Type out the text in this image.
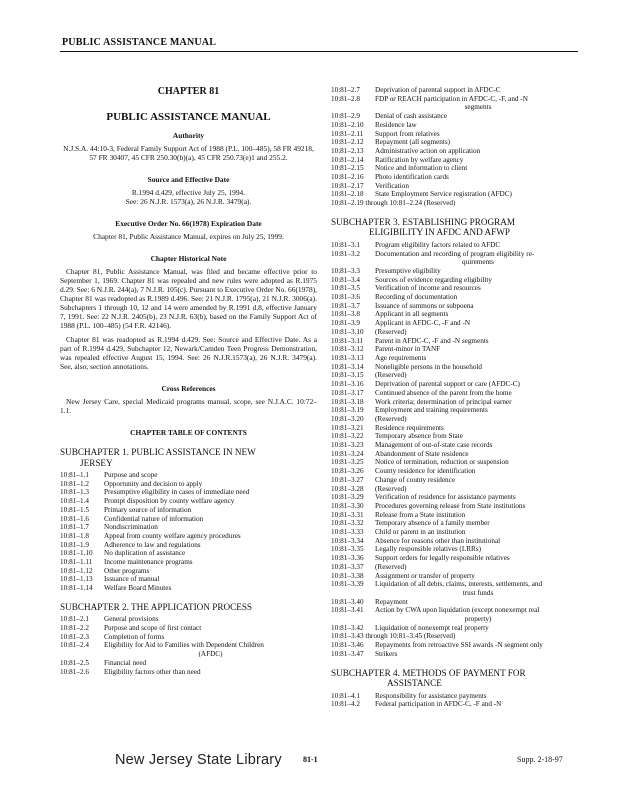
PUBLIC ASSISTANCE MANUAL
CHAPTER 81
PUBLIC ASSISTANCE MANUAL
Authority

N.J.S.A. 44:10-3, Federal Family Support Act of 1988 (P.L. 100–485), 58 FR 49218, 57 FR 30407, 45 CFR 250.30(b)(a), 45 CFR 250.73(e)1 and 255.2.

Source and Effective Date

R.1994 d.429, effective July 25, 1994.

See: 26 N.J.R. 1573(a), 26 N.J.R. 3479(a).

Executive Order No. 66(1978) Expiration Date

Chapter 81, Public Assistance Manual, expires on July 25, 1999.

Chapter Historical Note

Chapter 81, Public Assistance Manual, was filed and became effective prior to September 1, 1969. Chapter 81 was repealed and new rules were adopted as R.1975 d.29. See: 6 N.J.R. 244(a), 7 N.J.R. 105(c). Pursuant to Executive Order No. 66(1978), Chapter 81 was readopted as R.1989 d.496. See: 21 N.J.R. 1795(a), 21 N.J.R. 3006(a). Subchapters 1 through 10, 12 and 14 were amended by R.1991 d.8, effective January 7, 1991. See: 22 N.J.R. 2405(b), 23 N.J.R. 63(b), based on the Family Support Act of 1988 (P.L. 100–485) (54 F.R. 42146).

Chapter 81 was readopted as R.1994 d.429. See: Source and Effective Date. As a part of R.1994 d.429, Subchapter 12, Newark/Camden Teen Progress Demonstration, was repealed effective August 15, 1994. See: 26 N.J.R.1573(a), 26 N.J.R. 3479(a). See, also, section annotations.

Cross References

New Jersey Care, special Medicaid programs manual, scope, see N.J.A.C. 10:72–1.1.

CHAPTER TABLE OF CONTENTS
SUBCHAPTER 1. PUBLIC ASSISTANCE IN NEW
JERSEY
10:81–1.1	Purpose and scope
10:81–1.2	Opportunity and decision to apply
10:81–1.3	Presumptive eligibility in cases of immediate need
10:81–1.4	Prompt disposition by county welfare agency
10:81–1.5	Primary source of information
10:81–1.6	Confidential nature of information
10:81–1.7	Nondiscrimination
10:81–1.8	Appeal from county welfare agency procedures
10:81–1.9	Adherence to law and regulations
10:81–1.10	No duplication of assistance
10:81–1.11	Income maintenance programs
10:81–1.12	Other programs
10:81–1.13	Issuance of manual
10:81–1.14	Welfare Board Minutes
SUBCHAPTER 2. THE APPLICATION PROCESS
10:81–2.1	General provisions
10:81–2.2	Purpose and scope of first contact
10:81–2.3	Completion of forms
10:81–2.4	Eligibility for Aid to Families with Dependent Children
(AFDC)
10:81–2.5	Financial need
10:81–2.6	Eligibility factors other than need
10:81–2.7	Deprivation of parental support in AFDC-C
10:81–2.8	FDP or REACH participation in AFDC-C, -F, and -N
segments
10:81–2.9	Denial of cash assistance
10:81–2.10	Residence law
10:81–2.11	Support from relatives
10:81–2.12	Repayment (all segments)
10:81–2.13	Administrative action on application
10:81–2.14	Ratification by welfare agency
10:81–2.15	Notice and information to client
10:81–2.16	Photo identification cards
10:81–2.17	Verification
10:81–2.18	State Employment Service registration (AFDC)
10:81–2.19 through 10:81–2.24 (Reserved)
SUBCHAPTER 3. ESTABLISHING PROGRAM
ELIGIBILITY IN AFDC AND AFWP
10:81–3.1	Program eligibility factors related to AFDC
10:81–3.2	Documentation and recording of program eligibility re-
quirements
10:81–3.3	Presumptive eligibility
10:81–3.4	Sources of evidence regarding eligibility
10:81–3.5	Verification of income and resources
10:81–3.6	Recording of documentation
10:81–3.7	Issuance of summons or subpoena
10:81–3.8	Applicant in all segments
10:81–3.9	Applicant in AFDC-C, -F and -N
10:81–3.10	(Reserved)
10:81–3.11	Parent in AFDC-C, -F and -N segments
10:81–3.12	Parent-minor in TANF
10:81–3.13	Age requirements
10:81–3.14	Noneligible persons in the household
10:81–3.15	(Reserved)
10:81–3.16	Deprivation of parental support or care (AFDC-C)
10:81–3.17	Continued absence of the parent from the home
10:81–3.18	Work criteria; determination of principal earner
10:81–3.19	Employment and training requirements
10:81–3.20	(Reserved)
10:81–3.21	Residence requirements
10:81–3.22	Temporary absence from State
10:81–3.23	Management of out-of-state case records
10:81–3.24	Abandonment of State residence
10:81–3.25	Notice of termination, reduction or suspension
10:81–3.26	County residence for identification
10:81–3.27	Change of county residence
10:81–3.28	(Reserved)
10:81–3.29	Verification of residence for assistance payments
10:81–3.30	Procedures governing release from State institutions
10:81–3.31	Release from a State institution
10:81–3.32	Temporary absence of a family member
10:81–3.33	Child or parent in an institution
10:81–3.34	Absence for reasons other than institutional
10:81–3.35	Legally responsible relatives (LRRs)
10:81–3.36	Support orders for legally responsible relatives
10:81–3.37	(Reserved)
10:81–3.38	Assignment or transfer of property
10:81–3.39	Liquidation of all debts, claims, interests, settlements, and
trust funds
10:81–3.40	Repayment
10:81–3.41	Action by CWA upon liquidation (except nonexempt real
property)
10:81–3.42	Liquidation of nonexempt real property
10:81–3.43 through 10:81–3.45 (Reserved)
10:81–3.46	Repayments from retroactive SSI awards -N segment only
10:81–3.47	Strikers
SUBCHAPTER 4. METHODS OF PAYMENT FOR
ASSISTANCE
10:81–4.1	Responsibility for assistance payments
10:81–4.2	Federal participation in AFDC-C, -F and -N
New Jersey State Library	81-1	Supp. 2-18-97
